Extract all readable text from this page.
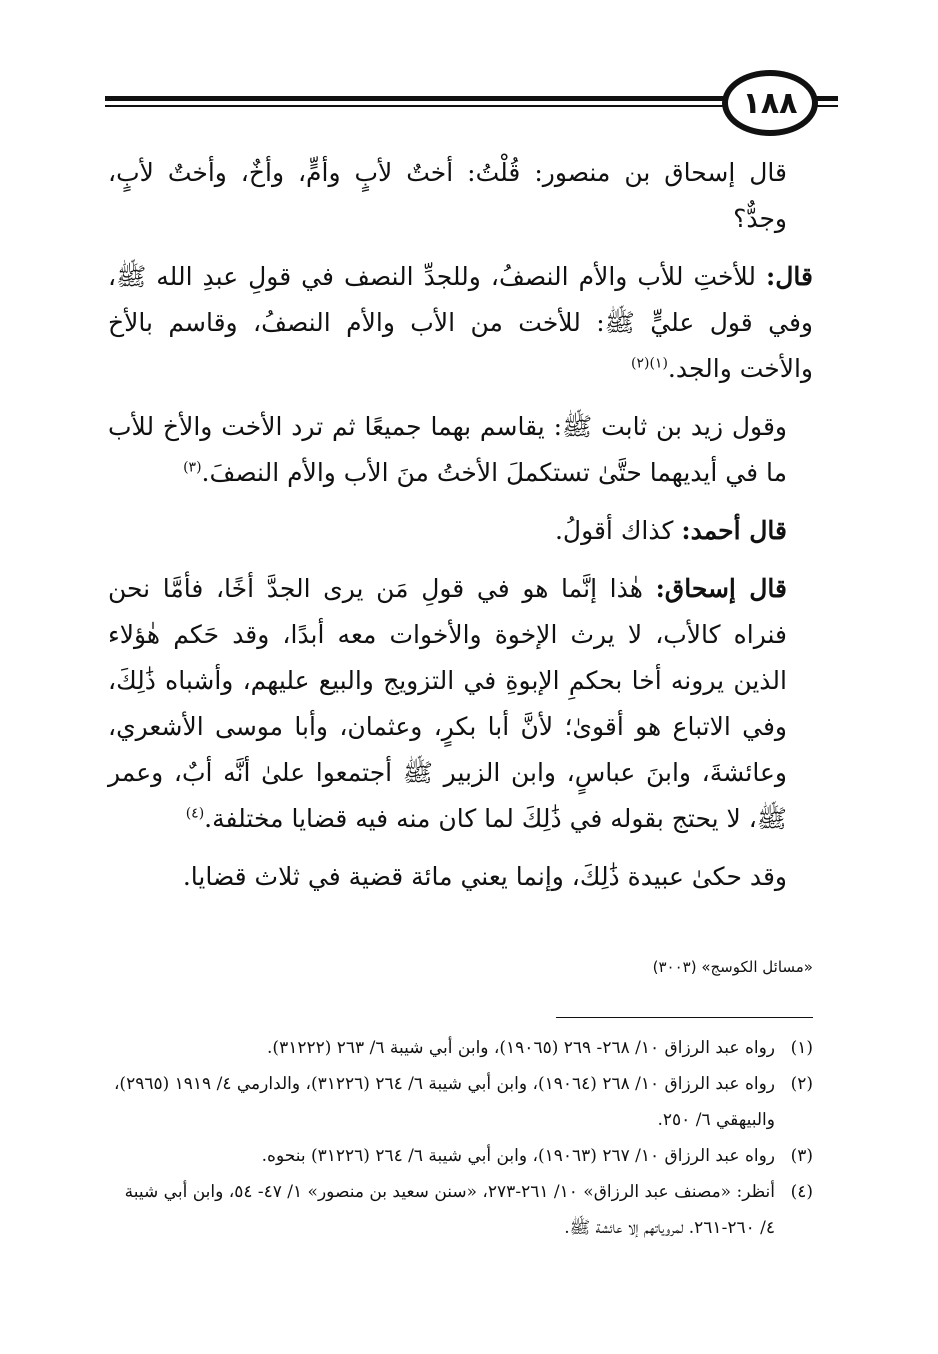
١٨٨

قال إسحاق بن منصور: قُلْتُ: أختٌ لأبٍ وأمٍّ، وأخٌ، وأختٌ لأبٍ، وجدٌّ؟

قال: للأختِ للأب والأم النصفُ، وللجدِّ النصف في قولِ عبدِ الله ﷺ، وفي قول عليٍّ ﷺ: للأخت من الأب والأم النصفُ، وقاسم بالأخ والأخت والجد.$^{(١)(٢)}$

وقول زيد بن ثابت ﷺ: يقاسم بهما جميعًا ثم ترد الأخت والأخ للأب ما في أيديهما حتَّىٰ تستكملَ الأختُ منَ الأب والأم النصفَ.$^{(٣)}$

قال أحمد: كذاك أقولُ.

قال إسحاق: هٰذا إنَّما هو في قولِ مَن يرى الجدَّ أخًا، فأمَّا نحن فنراه كالأب، لا يرث الإخوة والأخوات معه أبدًا، وقد حَكم هٰؤلاء الذين يرونه أخا بحكمِ الإبوةِ في التزويج والبيع عليهم، وأشباه ذَٰلِكَ، وفي الاتباع هو أقوىٰ؛ لأنَّ أبا بكرٍ، وعثمان، وأبا موسى الأشعري، وعائشةَ، وابنَ عباسٍ، وابن الزبير ﷺ أجتمعوا علىٰ أنَّه أبٌ، وعمر ﷺ، لا يحتج بقوله في ذَٰلِكَ لما كان منه فيه قضايا مختلفة.$^{(٤)}$

وقد حكىٰ عبيدة ذَٰلِكَ، وإنما يعني مائة قضية في ثلاث قضايا.

«مسائل الكوسج» (٣٠٠٣)

(١)
رواه عبد الرزاق ١٠/ ٢٦٨- ٢٦٩ (١٩٠٦٥)، وابن أبي شيبة ٦/ ٢٦٣ (٣١٢٢٢).

(٢)
رواه عبد الرزاق ١٠/ ٢٦٨ (١٩٠٦٤)، وابن أبي شيبة ٦/ ٢٦٤ (٣١٢٢٦)، والدارمي ٤/ ١٩١٩ (٢٩٦٥)، والبيهقي ٦/ ٢٥٠.

(٣)
رواه عبد الرزاق ١٠/ ٢٦٧ (١٩٠٦٣)، وابن أبي شيبة ٦/ ٢٦٤ (٣١٢٢٦) بنحوه.

(٤)
أنظر: «مصنف عبد الرزاق» ١٠/ ٢٦١-٢٧٣، «سنن سعيد بن منصور» ١/ ٤٧- ٥٤، وابن أبي شيبة ٤/ ٢٦٠-٢٦١. لمروياتهم إلا عائشة ﷺ.
